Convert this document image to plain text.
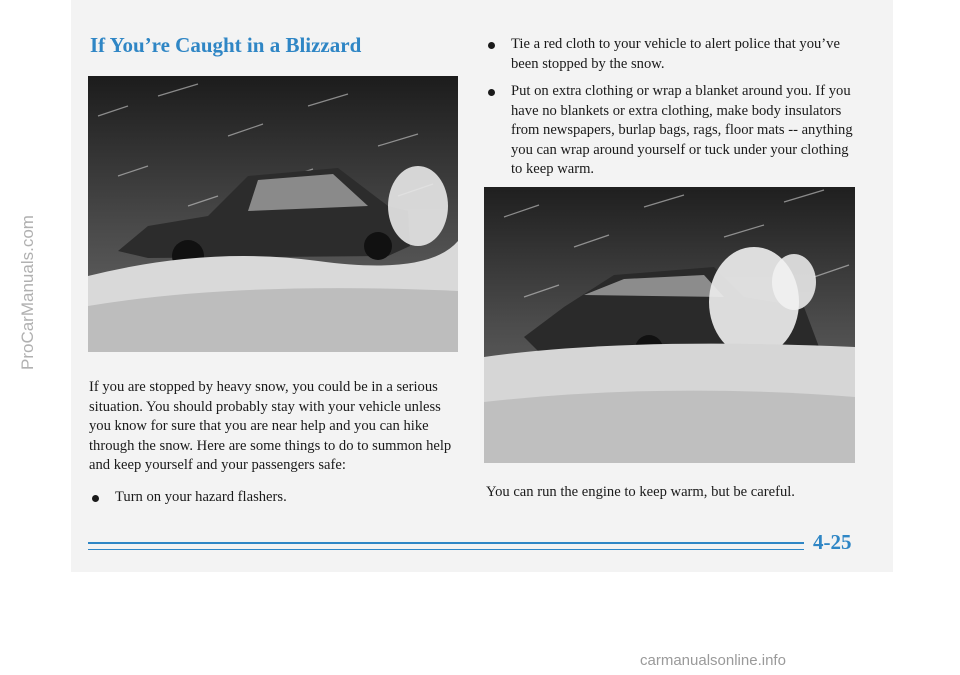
If You’re Caught in a Blizzard

If you are stopped by heavy snow, you could be in a serious situation. You should probably stay with your vehicle unless you know for sure that you are near help and you can hike through the snow. Here are some things to do to summon help and keep yourself and your passengers safe:

Turn on your hazard flashers.
Tie a red cloth to your vehicle to alert police that you’ve been stopped by the snow.
Put on extra clothing or wrap a blanket around you. If you have no blankets or extra clothing, make body insulators from newspapers, burlap bags, rags, floor mats -- anything you can wrap around yourself or tuck under your clothing to keep warm.

You can run the engine to keep warm, but be careful.

4-25

ProCarManuals.com

carmanualsonline.info
